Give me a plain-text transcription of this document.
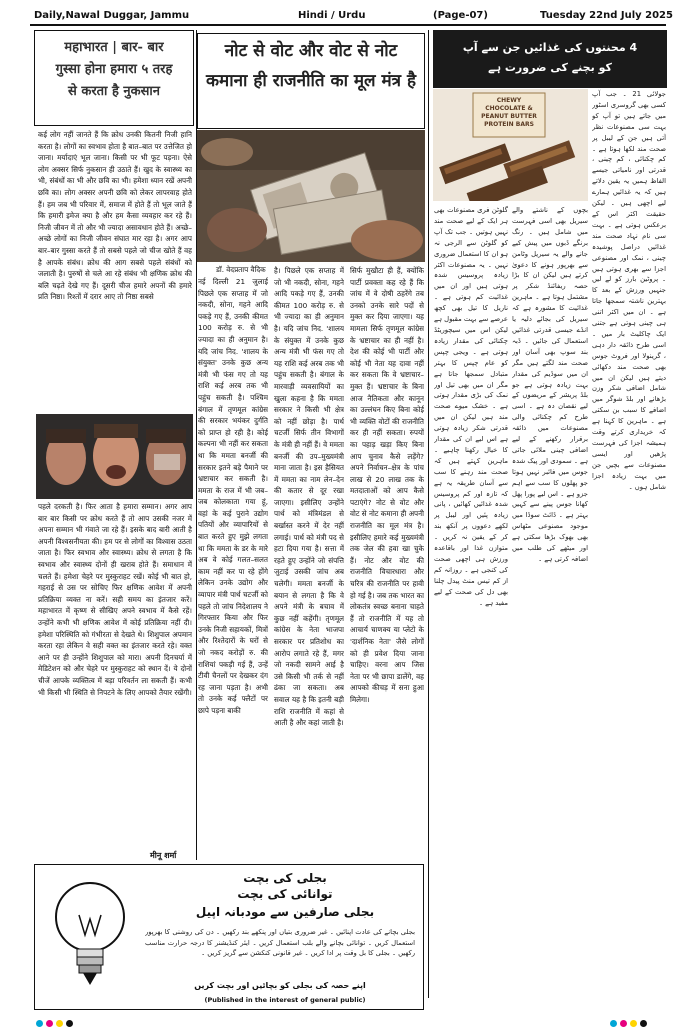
Daily,Nawal Duggar, Jammu	Hindi / Urdu	(Page-07)	Tuesday 22nd July 2025
महाभारत | बार- बार
गुस्सा होना हमारा ५ तरह
से करता है नुकसान
कई लोग नहीं जानते हैं कि क्रोध उनकी कितनी निजी हानि करता है। लोगों का स्वभाव होता है बात–बात पर उत्तेजित हो जाना। मर्यादाएं भूल जाना। किसी पर भी फूट पड़ना। ऐसे लोग अक्सर सिर्फ नुकसान ही उठाते हैं। खुद के स्वास्थ्य का भी, संबंधों का भी और छवि का भी। हमेशा ध्यान रखें अपनी छवि का। लोग अक्सर अपनी छवि को लेकर लापरवाह होते हैं। हम जब भी परिवार में, समाज में होते हैं तो भूल जाते हैं कि हमारी इमेज क्या है और हम कैसा व्यवहार कर रहे हैं। निजी जीवन में तो और भी ज्यादा असावधान होते हैं। अच्छे–अच्छे लोगों का निजी जीवन संघात मार रहा है। अगर आप बार–बार गुस्सा करते हैं तो सबसे पहले जो चीज खोते हैं वह है आपके संबंध। क्रोध की आग सबसे पहले संबंधों को जलाती है। पुरुषों से चले आ रहे संबंध भी क्षणिक क्रोध की बलि चढ़ते देखे गए हैं। दूसरी चीज हमारे अपनों की हमारे प्रति निष्ठा। रिश्तों में दरार आए तो निष्ठा सबसे
पहले दरकती है। फिर आता है हमारा सम्मान। अगर आप बार बार किसी पर क्रोध करते हैं तो आप उसकी नजर में अपना सम्मान भी गंवाते जा रहे हैं। इसके बाद बारी आती है अपनी विश्वसनीयता की। हम पर से लोगों का विश्वास उठता जाता है। फिर स्वभाव और स्वास्थ्य। क्रोध से लगता है कि स्वभाव और स्वास्थ्य दोनों ही खराब होते हैं। समाधान में चलते हैं। हमेशा चेहरे पर मुस्कुराहट रखें। कोई भी बात हो, गहराई से उस पर सोचिए फिर क्षणिक आवेश में अपनी प्रतिक्रिया व्यक्त ना करें। सही समय का इंतजार करें। महाभारत में कृष्ण से सीखिए अपने स्वभाव में कैसे रहें। उन्होंने कभी भी क्षणिक आवेश में कोई प्रतिक्रिया नहीं दी। हमेशा परिस्थिति को गंभीरता से देखते थे। शिशुपाल अपमान करता रहा लेकिन वे सही वक्त का इंतजार करते रहे। वक्त आने पर ही उन्होंने शिशुपाल को मारा। अपनी दिनचर्या में मेडिटेशन को और चेहरे पर मुस्कुराहट को स्थान दें। ये दोनों चीजें आपके व्यक्तित्व में बड़ा परिवर्तन ला सकती हैं। कभी भी किसी भी स्थिति से निपटने के लिए आपको तैयार रखेंगी।
मीनू शर्मा
नोट से वोट और वोट से नोट कमाना ही राजनीति का मूल मंत्र है
डॉ. वेदप्रताप वैदिक
नई दिल्ली 21 जुलाई पिछले एक सप्ताह में जो नकदी, सोना, गहने आदि पकड़े गए हैं, उनकी कीमत 100 करोड़ रु. से भी ज्यादा का ही अनुमान है। यदि जांच निद. 'शालय के संयुक्त' उनके कुछ अन्य मंत्री भी फंस गए तो यह राशि कई अरब तक भी पहुंच सकती है। पश्चिम बंगाल में तृणमूल कांग्रेस की सरकार भयंकर दुर्गति को प्राप्त हो रही है। कोई कल्पना भी नहीं कर सकता था कि ममता बनर्जी की सरकार इतने बड़े पैमाने पर भ्रष्टाचार कर सकती है। ममता के राज में भी जब–जब कोलकाता गया हूं, वहां के कई पुराने उद्योग पतियों और व्यापारियों से बात करते हुए मुझे लगता था कि ममता के डर के मारे अब वे कोई गलत–सलत काम नहीं कर पा रहे होंगे लेकिन उनके उद्योग और व्यापार मंत्री पार्थ चटर्जी को पहले तो जांच निदेशालय ने गिरफ्तार किया और फिर उनके निजी सहायकों, मित्रों और रिश्तेदारों के घरों से जो नकद करोड़ों रु. की राशियां पकड़ी गई हैं, उन्हें टीवी चैनलों पर देखकर दंग रह जाना पड़ता है। अभी तो उनके कई फ्लैटों पर छापे पड़ना बाकी
है। पिछले एक सप्ताह में जो भी नकदी, सोना, गहने आदि पकड़े गए हैं, उनकी कीमत 100 करोड़ रु. से भी ज्यादा का ही अनुमान है। यदि जांच निद. 'शालय के संयुक्त में उनके कुछ अन्य मंत्री भी फंस गए तो यह राशि कई अरब तक भी पहुंच सकती है। बंगाल के मारवाड़ी व्यवसायियों का खुला कहना है कि ममता सरकार ने किसी भी क्षेत्र को नहीं छोड़ा है। पार्थ चटर्जी सिर्फ तीन विभागों के मंत्री ही नहीं हैं। वे ममता बनर्जी की उप–मुख्यमंत्री माना जाता है। इस हैसियत में ममता का नाम लेन–देन की कतार से दूर रखा जाएगा। इसीलिए उन्होंने पार्थ को मंत्रिमंडल से बर्खास्त करने में देर नहीं लगाई। पार्थ को मंत्री पद से हटा दिया गया है। सत्ता में रहते हुए उन्होंने जो संपत्ति जुटाई उसकी जांच अब चलेगी। ममता बनर्जी के बयान से लगता है कि वे अपने मंत्री के बचाव में कुछ नहीं कहेंगी। तृणमूल कांग्रेस के नेता भाजपा सरकार पर प्रतिशोध का आरोप लगाते रहे हैं, मगर जो नकदी सामने आई है उसे किसी भी तर्क से नहीं ढंका जा सकता। अब सवाल यह है कि इतनी बड़ी राशि राजनीति में कहां से आती है और कहां जाती है।
सिर्फ मुखौटा ही हैं, क्योंकि पार्टी प्रवक्ता कह रहे हैं कि जांच में वे दोषी ठहरेंगे तब उनको उनके सारे पदों से मुक्त कर दिया जाएगा। यह मामला सिर्फ तृणमूल कांग्रेस के भ्रष्टाचार का ही नहीं है। देश की कोई भी पार्टी और कोई भी नेता यह दावा नहीं कर सकता कि वे भ्रष्टाचार–मुक्त हैं। भ्रष्टाचार के बिना आज नैतिकता और कानून का उल्लंघन किए बिना कोई भी व्यक्ति वोटों की राजनीति कर ही नहीं सकता। रुपयों का पहाड़ खड़ा किए बिना आप चुनाव कैसे लड़ेंगे? अपने निर्वाचन–क्षेत्र के पांच लाख से 20 लाख तक के मतदाताओं को आप कैसे पटाएंगे? नोट से वोट और वोट से नोट कमाना ही अपनी राजनीति का मूल मंत्र है। इसीलिए हमारे कई मुख्यमंत्री तक जेल की हवा खा चुके हैं। नोट और वोट की राजनीति विचारधारा और चरित्र की राजनीति पर हावी हो गई है। जब तक भारत का लोकतंत्र स्वच्छ बनाना चाहते हैं तो राजनीति में यह तो आचार्य चाणक्य या प्लेटो के 'दार्शनिक नेता' जैसे लोगों को ही प्रवेश दिया जाना चाहिए। वरना आप जिस नेता पर भी छापा डालेंगे, वह आपको कीचड़ में सना हुआ मिलेगा।
4 محنتوں کی غذائیں جن سے آپ
کو بچنے کی ضرورت ہے
CHEWY CHOCOLATE & PEANUT BUTTER PROTEIN BARS
جولائی 21 ۔ جب آپ کسی بھی گروسری اسٹور میں جاتے ہیں تو آپ کو بہت سی مصنوعات نظر آتی ہیں جن کے لیبل پر صحت مند لکھا ہوتا ہے ۔ کم چکنائی ، کم چینی ، قدرتی اور نامیاتی جیسے الفاظ ہمیں یہ یقین دلاتے ہیں کہ یہ غذائیں ہمارے لیے اچھی ہیں ۔ لیکن حقیقت اکثر اس کے برعکس ہوتی ہے ۔ بہت سی نام نہاد صحت مند غذائیں دراصل پوشیدہ چینی ، نمک اور مصنوعی اجزا سے بھری ہوتی ہیں ۔ پروٹین بارز کو لے لیں جنہیں ورزش کے بعد کا بہترین ناشتہ سمجھا جاتا ہے ۔ ان میں اکثر اتنی ہی چینی ہوتی ہے جتنی ایک چاکلیٹ بار میں ۔ اسی طرح ذائقہ دار دہی ، گرینولا اور فروٹ جوس بھی صحت مند دکھائی دیتے ہیں لیکن ان میں شامل اضافی شکر وزن بڑھانے اور بلڈ شوگر میں اضافے کا سبب بن سکتی ہے ۔ ماہرین کا کہنا ہے کہ خریداری کرتے وقت ہمیشہ اجزا کی فہرست پڑھیں اور ایسی مصنوعات سے بچیں جن میں بہت زیادہ اجزا شامل ہوں ۔
بچوں کے ناشتے والے سیریل بھی اسی فہرست میں شامل ہیں ۔ رنگ برنگے ڈبوں میں پیش کیے جانے والے یہ سیریل وٹامن سے بھرپور ہونے کا دعویٰ کرتے ہیں لیکن ان کا بڑا حصہ ریفائنڈ شکر پر مشتمل ہوتا ہے ۔ ماہرین غذائیت کا مشورہ ہے کہ سیریل کی بجائے دلیہ یا انڈے جیسی قدرتی غذائیں استعمال کی جائیں ۔ ڈبہ بند سوپ بھی آسان اور صحت مند لگتے ہیں مگر ان میں سوڈیم کی مقدار بہت زیادہ ہوتی ہے جو بلڈ پریشر کے مریضوں کے لیے نقصان دہ ہے ۔ اسی طرح کم چکنائی والی مصنوعات میں ذائقہ برقرار رکھنے کے لیے اضافی چینی ملائی جاتی ہے ۔ سمودی اور پیک شدہ جوس میں فائبر نہیں ہوتا جو پھلوں کا سب سے اہم جزو ہے ۔ اس لیے پورا پھل کھانا جوس پینے سے کہیں بہتر ہے ۔ ڈائٹ سوڈا میں موجود مصنوعی مٹھاس بھی بھوک بڑھا سکتی ہے اور میٹھے کی طلب میں اضافہ کرتی ہے ۔
گلوٹن فری مصنوعات بھی ہر ایک کے لیے صحت مند نہیں ہوتیں ۔ جب تک آپ کو گلوٹن سے الرجی نہ ہو ان کا استعمال ضروری نہیں ۔ یہ مصنوعات اکثر زیادہ پروسیس شدہ ہوتی ہیں اور ان میں غذائیت کم ہوتی ہے ۔ ناریل کا تیل بھی کچھ عرصے سے بہت مقبول ہے لیکن اس میں سیچوریٹڈ چکنائی کی مقدار زیادہ ہوتی ہے ۔ ویجی چپس کو عام چپس کا بہتر متبادل سمجھا جاتا ہے مگر ان میں بھی تیل اور نمک کی بڑی مقدار ہوتی ہے ۔ خشک میوے صحت مند ہیں لیکن ان میں قدرتی شکر زیادہ ہوتی ہے اس لیے ان کی مقدار کا خیال رکھنا چاہیے ۔ ماہرین کہتے ہیں کہ صحت مند رہنے کا سب سے آسان طریقہ یہ ہے کہ تازہ اور کم پروسیس شدہ غذائیں کھائیں ، پانی زیادہ پئیں اور لیبل پر لکھے دعووں پر آنکھ بند کر کے یقین نہ کریں ۔ متوازن غذا اور باقاعدہ ورزش ہی اچھی صحت کی کنجی ہے ۔ روزانہ کم از کم تیس منٹ پیدل چلنا بھی دل کی صحت کے لیے مفید ہے ۔
بجلی کی بچت
توانائی کی بچت
بجلی صارفین سے مودبانہ اپیل
بجلی بچانے کی عادت اپنائیں ۔ غیر ضروری بتیاں اور پنکھے بند رکھیں ۔ دن کی روشنی کا بھرپور استعمال کریں ۔ توانائی بچانے والے بلب استعمال کریں ۔ ایئر کنڈیشنر کا درجہ حرارت مناسب رکھیں ۔ بجلی کا بل وقت پر ادا کریں ۔ غیر قانونی کنکشن سے گریز کریں ۔
اپنے حصہ کی بجلی کو بچائیں اور بچت کریں
(Published in the interest of general public)
